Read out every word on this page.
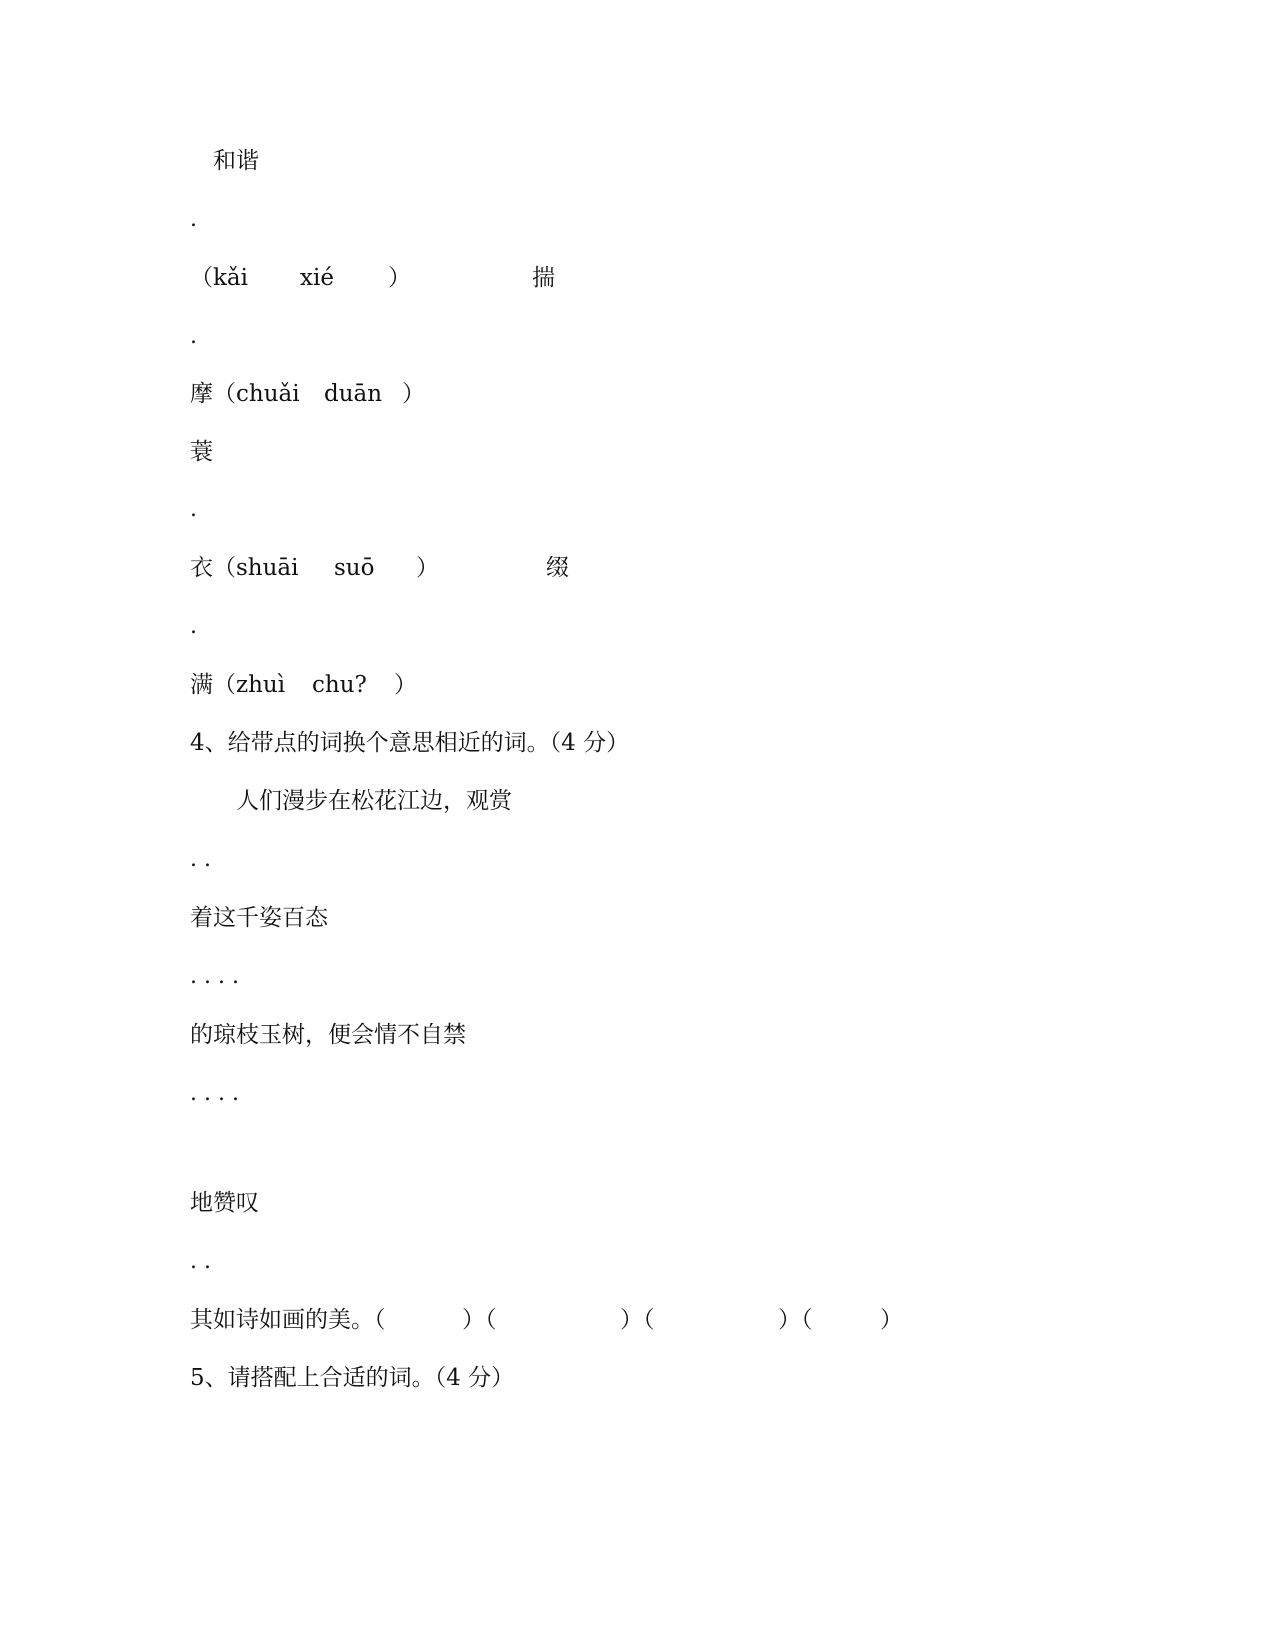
和谐
.

（kǎi

xié

）

	揣

.

摩（chuǎi

duān

）

蓑
.

衣（shuāi

suō

）

	缀

.

满（zhuì

chu?

）

4、给带点的词换个意思相近的词。（4 分）
人们漫步在松花江边，观赏
. .
着这千姿百态
. . . .
的琼枝玉树，便会情不自禁
. . . .
地赞叹
. .

其如诗如画的美。（

	）（

	）（

	）（

	）

5、请搭配上合适的词。（4 分）
